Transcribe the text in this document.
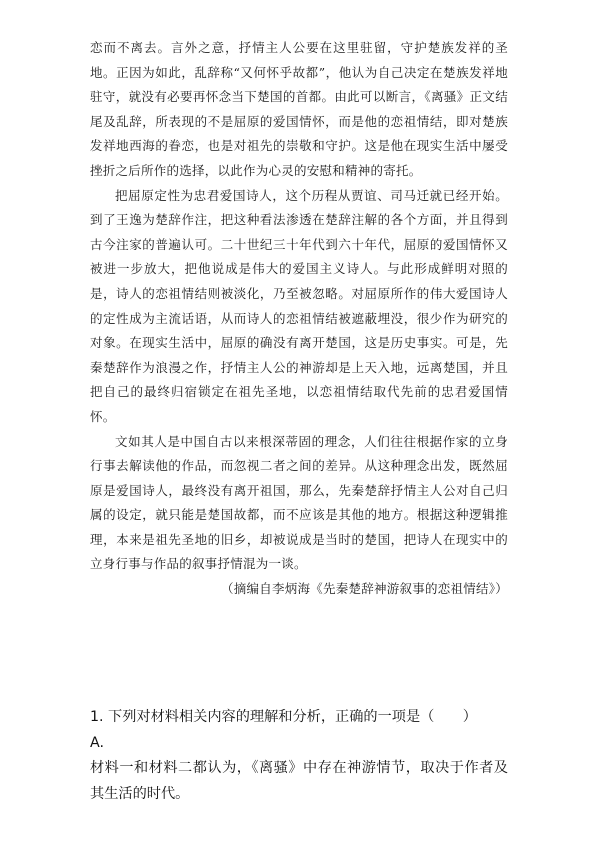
恋而不离去。言外之意，抒情主人公要在这里驻留，守护楚族发祥的圣地。正因为如此，乱辞称“又何怀乎故都”，他认为自己决定在楚族发祥地驻守，就没有必要再怀念当下楚国的首都。由此可以断言，《离骚》正文结尾及乱辞，所表现的不是屈原的爱国情怀，而是他的恋祖情结，即对楚族发祥地西海的眷恋，也是对祖先的崇敬和守护。这是他在现实生活中屡受挫折之后所作的选择，以此作为心灵的安慰和精神的寄托。

把屈原定性为忠君爱国诗人，这个历程从贾谊、司马迁就已经开始。到了王逸为楚辞作注，把这种看法渗透在楚辞注解的各个方面，并且得到古今注家的普遍认可。二十世纪三十年代到六十年代，屈原的爱国情怀又被进一步放大，把他说成是伟大的爱国主义诗人。与此形成鲜明对照的是，诗人的恋祖情结则被淡化，乃至被忽略。对屈原所作的伟大爱国诗人的定性成为主流话语，从而诗人的恋祖情结被遮蔽埋没，很少作为研究的对象。在现实生活中，屈原的确没有离开楚国，这是历史事实。可是，先秦楚辞作为浪漫之作，抒情主人公的神游却是上天入地，远离楚国，并且把自己的最终归宿锁定在祖先圣地，以恋祖情结取代先前的忠君爱国情怀。

文如其人是中国自古以来根深蒂固的理念，人们往往根据作家的立身行事去解读他的作品，而忽视二者之间的差异。从这种理念出发，既然屈原是爱国诗人，最终没有离开祖国，那么，先秦楚辞抒情主人公对自己归属的设定，就只能是楚国故都，而不应该是其他的地方。根据这种逻辑推理，本来是祖先圣地的旧乡，却被说成是当时的楚国，把诗人在现实中的立身行事与作品的叙事抒情混为一谈。

（摘编自李炳海《先秦楚辞神游叙事的恋祖情结》）

1. 下列对材料相关内容的理解和分析，正确的一项是（　　）

A.

材料一和材料二都认为，《离骚》中存在神游情节，取决于作者及其生活的时代。
